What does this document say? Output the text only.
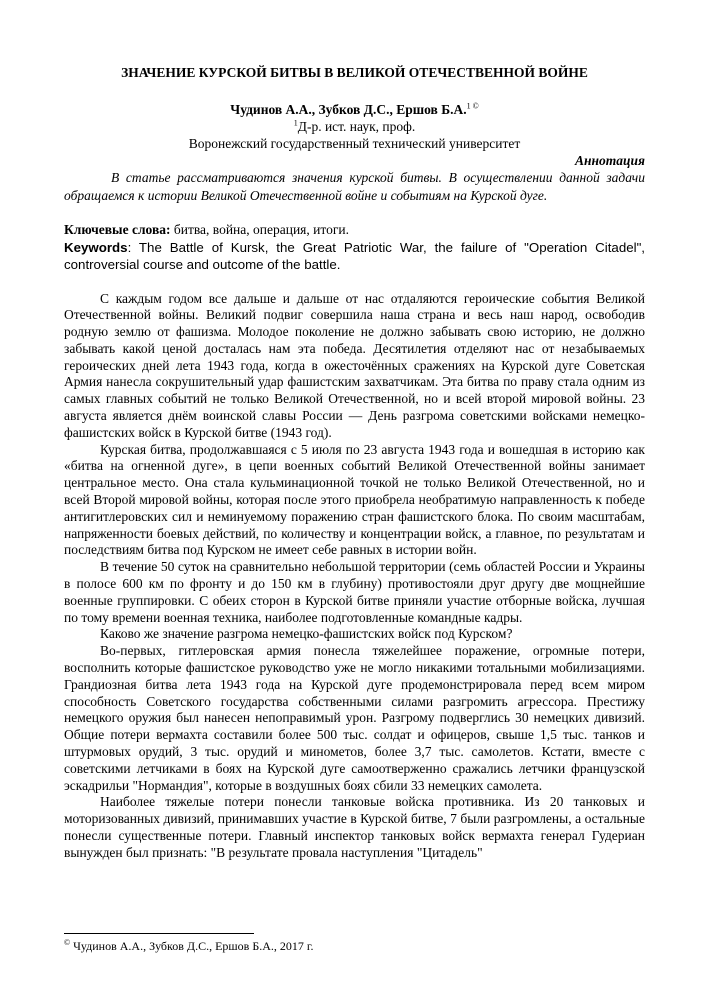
ЗНАЧЕНИЕ КУРСКОЙ БИТВЫ В ВЕЛИКОЙ ОТЕЧЕСТВЕННОЙ ВОЙНЕ

Чудинов А.А., Зубков Д.С., Ершов Б.А.$^{1 ©}$

$^1$Д-р. ист. наук, проф.

Воронежский государственный технический университет

Аннотация

В статье рассматриваются значения курской битвы. В осуществлении данной задачи обращаемся к истории Великой Отечественной войне и событиям на Курской дуге.

Ключевые слова: битва, война, операция, итоги.

Keywords: The Battle of Kursk, the Great Patriotic War, the failure of "Operation Citadel", controversial course and outcome of the battle.

С каждым годом все дальше и дальше от нас отдаляются героические события Великой Отечественной войны. Великий подвиг совершила наша страна и весь наш народ, освободив родную землю от фашизма. Молодое поколение не должно забывать свою историю, не должно забывать какой ценой досталась нам эта победа. Десятилетия отделяют нас от незабываемых героических дней лета 1943 года, когда в ожесточённых сражениях на Курской дуге Советская Армия нанесла сокрушительный удар фашистским захватчикам. Эта битва по праву стала одним из самых главных событий не только Великой Отечественной, но и всей второй мировой войны. 23 августа является днём воинской славы России — День разгрома советскими войсками немецко-фашистских войск в Курской битве (1943 год).

Курская битва, продолжавшаяся с 5 июля по 23 августа 1943 года и вошедшая в историю как «битва на огненной дуге», в цепи военных событий Великой Отечественной войны занимает центральное место. Она стала кульминационной точкой не только Великой Отечественной, но и всей Второй мировой войны, которая после этого приобрела необратимую направленность к победе антигитлеровских сил и неминуемому поражению стран фашистского блока. По своим масштабам, напряженности боевых действий, по количеству и концентрации войск, а главное, по результатам и последствиям битва под Курском не имеет себе равных в истории войн.

В течение 50 суток на сравнительно небольшой территории (семь областей России и Украины в полосе 600 км по фронту и до 150 км в глубину) противостояли друг другу две мощнейшие военные группировки. С обеих сторон в Курской битве приняли участие отборные войска, лучшая по тому времени военная техника, наиболее подготовленные командные кадры.

Каково же значение разгрома немецко-фашистских войск под Курском?

Во-первых, гитлеровская армия понесла тяжелейшее поражение, огромные потери, восполнить которые фашистское руководство уже не могло никакими тотальными мобилизациями. Грандиозная битва лета 1943 года на Курской дуге продемонстрировала перед всем миром способность Советского государства собственными силами разгромить агрессора. Престижу немецкого оружия был нанесен непоправимый урон. Разгрому подверглись 30 немецких дивизий. Общие потери вермахта составили более 500 тыс. солдат и офицеров, свыше 1,5 тыс. танков и штурмовых орудий, 3 тыс. орудий и минометов, более 3,7 тыс. самолетов. Кстати, вместе с советскими летчиками в боях на Курской дуге самоотверженно сражались летчики французской эскадрильи "Нормандия", которые в воздушных боях сбили 33 немецких самолета.

Наиболее тяжелые потери понесли танковые войска противника. Из 20 танковых и моторизованных дивизий, принимавших участие в Курской битве, 7 были разгромлены, а остальные понесли существенные потери. Главный инспектор танковых войск вермахта генерал Гудериан вынужден был признать: "В результате провала наступления "Цитадель"

© Чудинов А.А., Зубков Д.С., Ершов Б.А., 2017 г.
